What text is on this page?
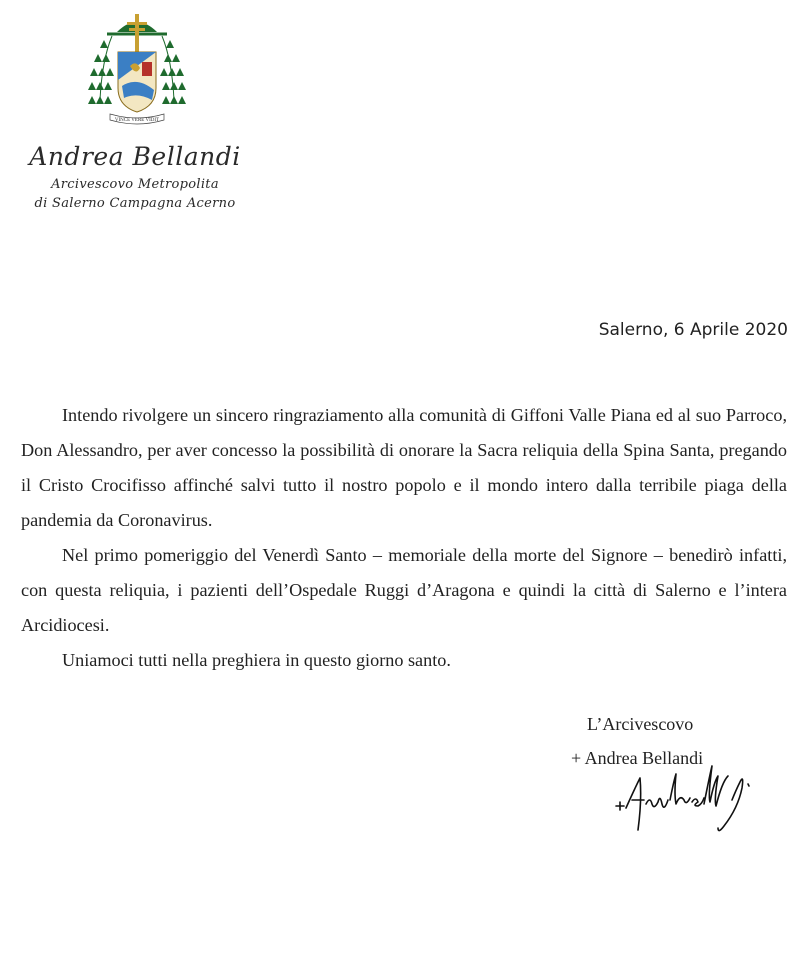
VINCE VERE VIDIT
Andrea Bellandi
Arcivescovo Metropolita
di Salerno Campagna Acerno
Salerno, 6 Aprile 2020

Intendo rivolgere un sincero ringraziamento alla comunità di Giffoni Valle Piana ed al suo Parroco, Don Alessandro, per aver concesso la possibilità di onorare la Sacra reliquia della Spina Santa, pregando il Cristo Crocifisso affinché salvi tutto il nostro popolo e il mondo intero dalla terribile piaga della pandemia da Coronavirus.

Nel primo pomeriggio del Venerdì Santo – memoriale della morte del Signore – benedirò infatti, con questa reliquia, i pazienti dell’Ospedale Ruggi d’Aragona e quindi la città di Salerno e l’intera Arcidiocesi.

Uniamoci tutti nella preghiera in questo giorno santo.

L’Arcivescovo
+ Andrea Bellandi
